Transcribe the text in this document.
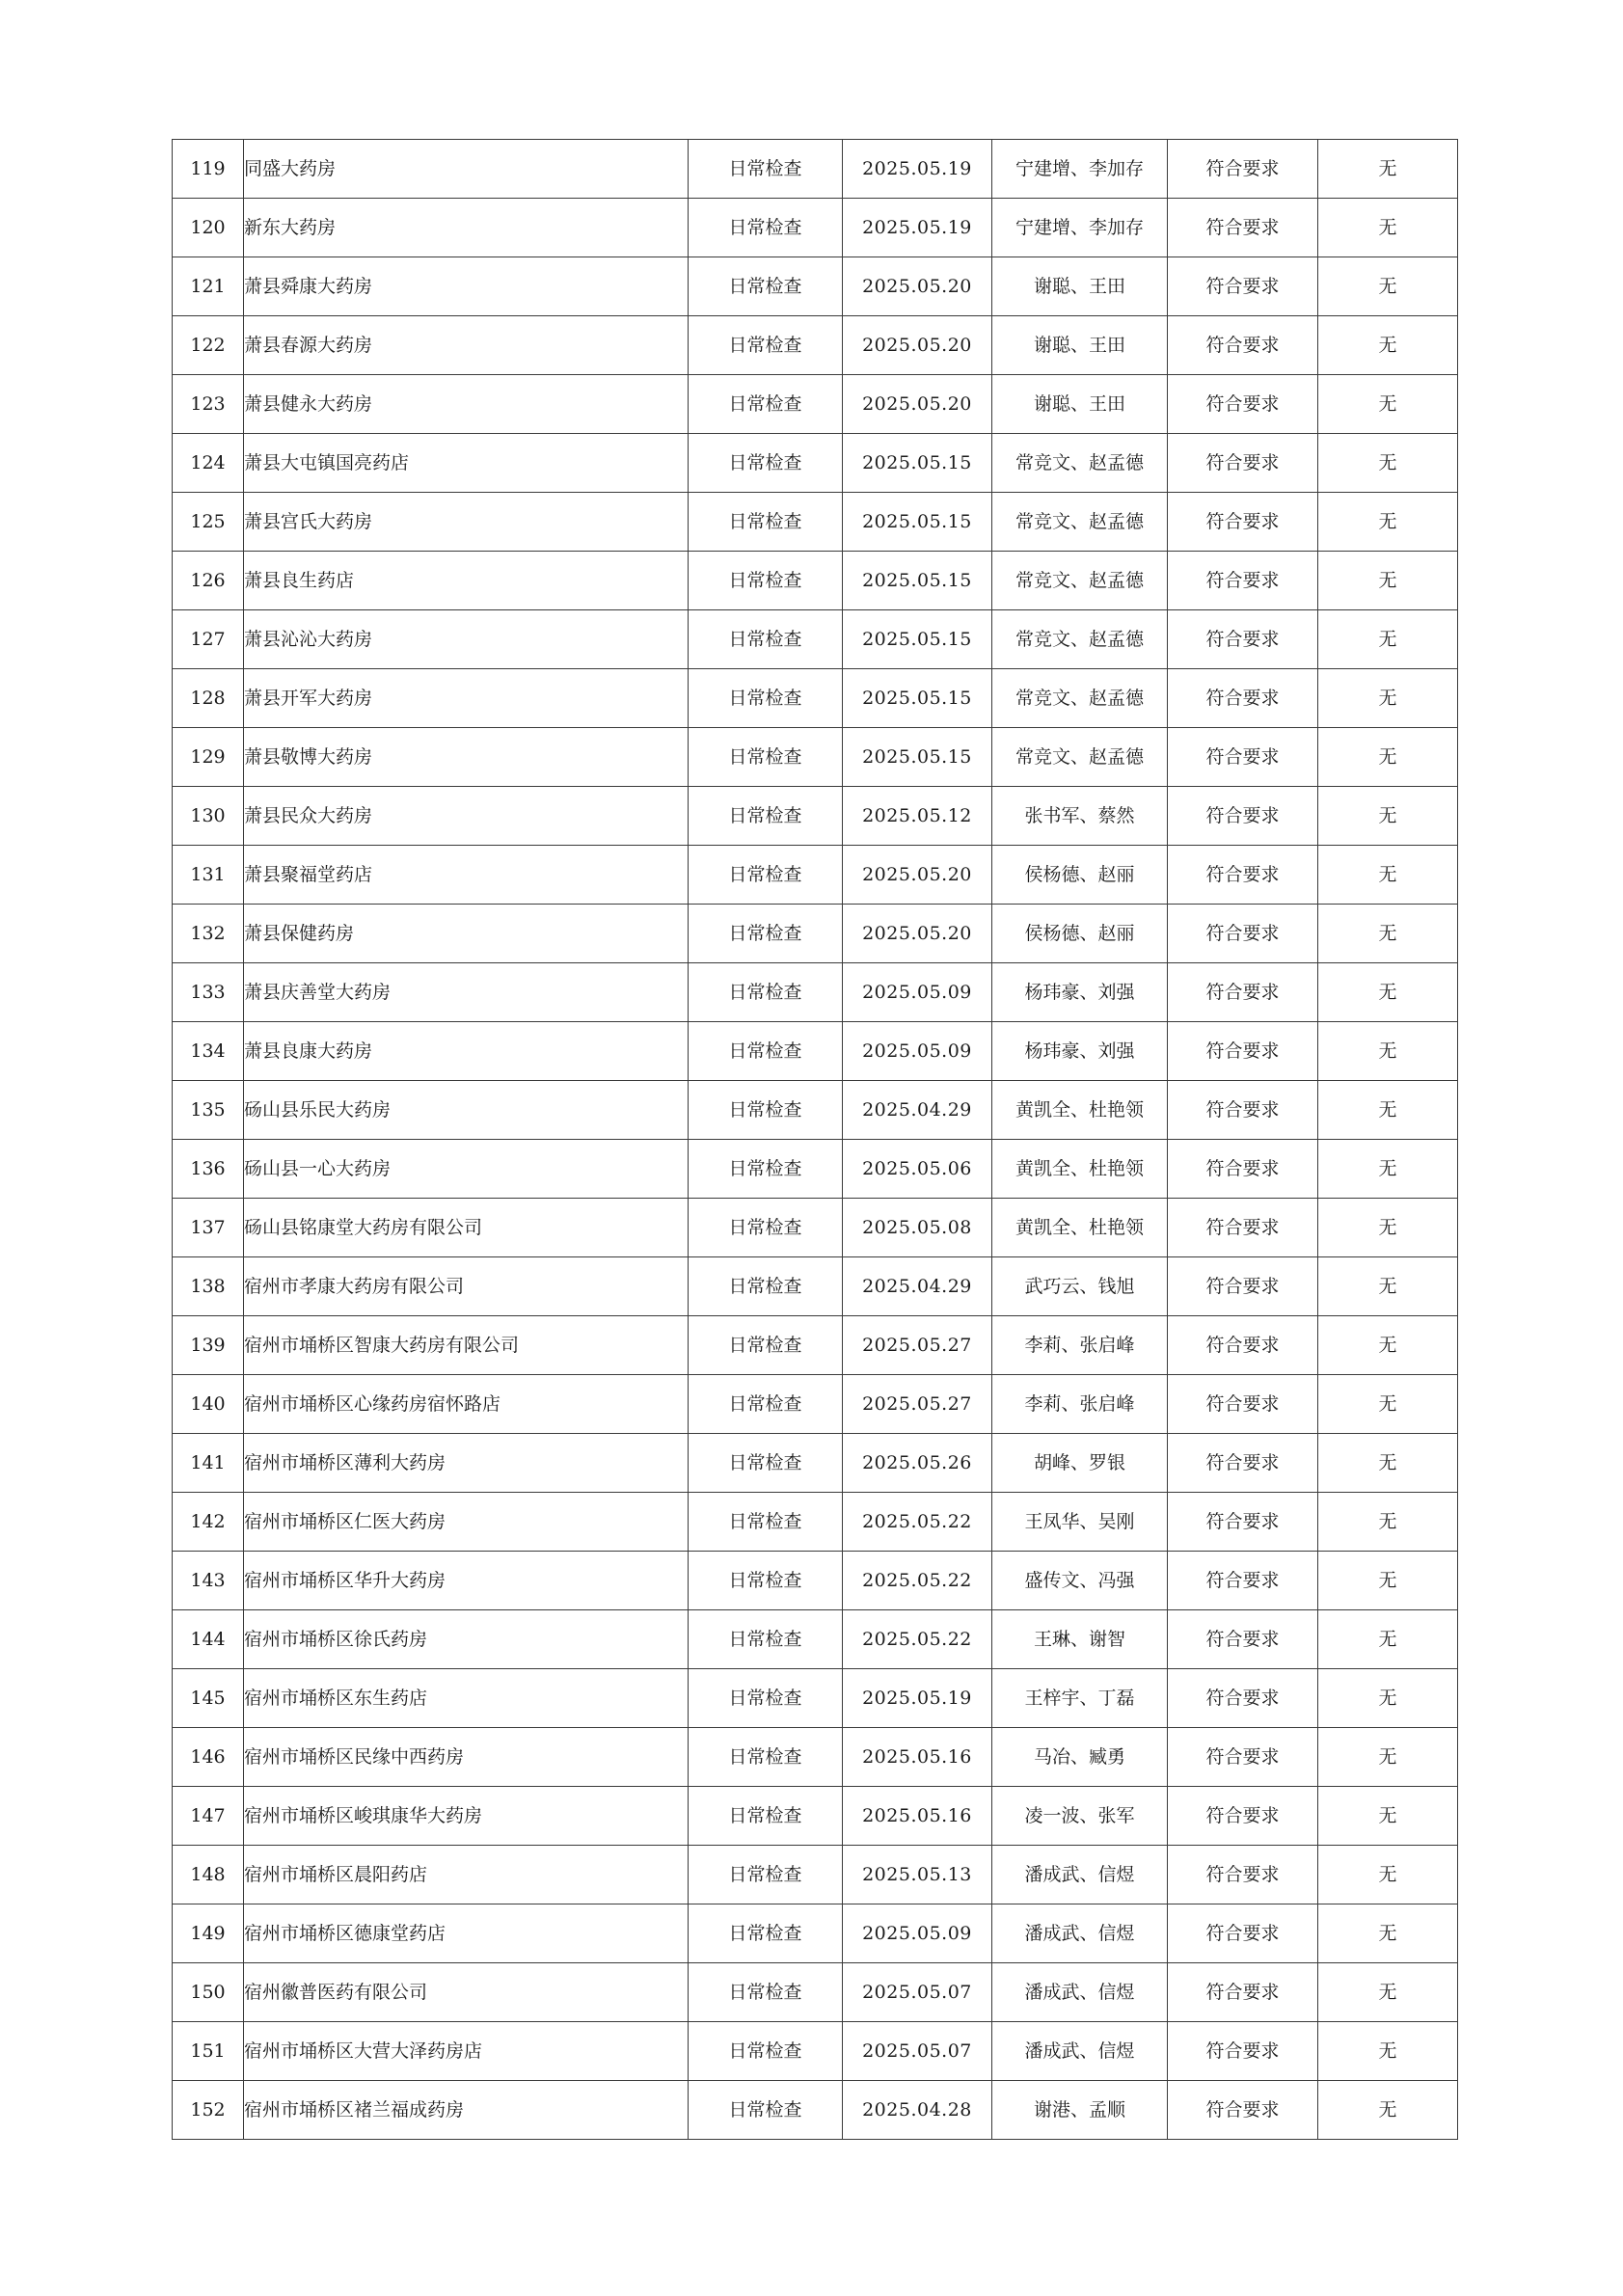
119	同盛大药房	日常检查	2025.05.19	宁建增、李加存	符合要求	无
120	新东大药房	日常检查	2025.05.19	宁建增、李加存	符合要求	无
121	萧县舜康大药房	日常检查	2025.05.20	谢聪、王田	符合要求	无
122	萧县春源大药房	日常检查	2025.05.20	谢聪、王田	符合要求	无
123	萧县健永大药房	日常检查	2025.05.20	谢聪、王田	符合要求	无
124	萧县大屯镇国亮药店	日常检查	2025.05.15	常竞文、赵孟德	符合要求	无
125	萧县宫氏大药房	日常检查	2025.05.15	常竞文、赵孟德	符合要求	无
126	萧县良生药店	日常检查	2025.05.15	常竞文、赵孟德	符合要求	无
127	萧县沁沁大药房	日常检查	2025.05.15	常竞文、赵孟德	符合要求	无
128	萧县开军大药房	日常检查	2025.05.15	常竞文、赵孟德	符合要求	无
129	萧县敬博大药房	日常检查	2025.05.15	常竞文、赵孟德	符合要求	无
130	萧县民众大药房	日常检查	2025.05.12	张书军、蔡然	符合要求	无
131	萧县聚福堂药店	日常检查	2025.05.20	侯杨德、赵丽	符合要求	无
132	萧县保健药房	日常检查	2025.05.20	侯杨德、赵丽	符合要求	无
133	萧县庆善堂大药房	日常检查	2025.05.09	杨玮豪、刘强	符合要求	无
134	萧县良康大药房	日常检查	2025.05.09	杨玮豪、刘强	符合要求	无
135	砀山县乐民大药房	日常检查	2025.04.29	黄凯全、杜艳领	符合要求	无
136	砀山县一心大药房	日常检查	2025.05.06	黄凯全、杜艳领	符合要求	无
137	砀山县铭康堂大药房有限公司	日常检查	2025.05.08	黄凯全、杜艳领	符合要求	无
138	宿州市孝康大药房有限公司	日常检查	2025.04.29	武巧云、钱旭	符合要求	无
139	宿州市埇桥区智康大药房有限公司	日常检查	2025.05.27	李莉、张启峰	符合要求	无
140	宿州市埇桥区心缘药房宿怀路店	日常检查	2025.05.27	李莉、张启峰	符合要求	无
141	宿州市埇桥区薄利大药房	日常检查	2025.05.26	胡峰、罗银	符合要求	无
142	宿州市埇桥区仁医大药房	日常检查	2025.05.22	王凤华、吴刚	符合要求	无
143	宿州市埇桥区华升大药房	日常检查	2025.05.22	盛传文、冯强	符合要求	无
144	宿州市埇桥区徐氏药房	日常检查	2025.05.22	王琳、谢智	符合要求	无
145	宿州市埇桥区东生药店	日常检查	2025.05.19	王梓宇、丁磊	符合要求	无
146	宿州市埇桥区民缘中西药房	日常检查	2025.05.16	马冶、臧勇	符合要求	无
147	宿州市埇桥区峻琪康华大药房	日常检查	2025.05.16	凌一波、张军	符合要求	无
148	宿州市埇桥区晨阳药店	日常检查	2025.05.13	潘成武、信煜	符合要求	无
149	宿州市埇桥区德康堂药店	日常检查	2025.05.09	潘成武、信煜	符合要求	无
150	宿州徽普医药有限公司	日常检查	2025.05.07	潘成武、信煜	符合要求	无
151	宿州市埇桥区大营大泽药房店	日常检查	2025.05.07	潘成武、信煜	符合要求	无
152	宿州市埇桥区褚兰福成药房	日常检查	2025.04.28	谢港、孟顺	符合要求	无
